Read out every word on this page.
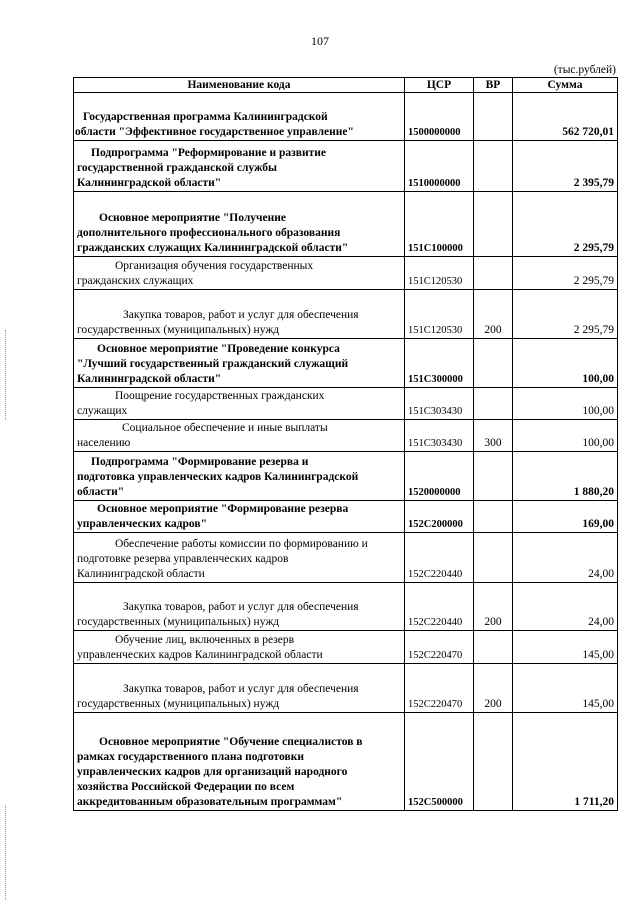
107
(тыс.рублей)
Наименование кода	ЦСР	ВР	Сумма

Государственная программа Калининградской
области "Эффективное государственное управление"	1500000000		562 720,01

Подпрограмма "Реформирование и развитие
государственной гражданской службы
Калининградской области"	1510000000		2 395,79

Основное мероприятие "Получение
дополнительного профессионального образования
гражданских служащих Калининградской области"	151С100000		2 295,79

Организация обучения государственных
гражданских служащих	151С120530		2 295,79

Закупка товаров, работ и услуг для обеспечения
государственных (муниципальных) нужд	151С120530	200	2 295,79

Основное мероприятие "Проведение конкурса
"Лучший государственный гражданский служащий
Калининградской области"	151С300000		100,00

Поощрение государственных гражданских
служащих	151С303430		100,00

Социальное обеспечение и иные выплаты
населению	151С303430	300	100,00

Подпрограмма "Формирование резерва и
подготовка управленческих кадров Калининградской
области"	1520000000		1 880,20

Основное мероприятие "Формирование резерва
управленческих кадров"	152С200000		169,00

Обеспечение работы комиссии по формированию и
подготовке резерва управленческих кадров
Калининградской области	152С220440		24,00

Закупка товаров, работ и услуг для обеспечения
государственных (муниципальных) нужд	152С220440	200	24,00

Обучение лиц, включенных в резерв
управленческих кадров Калининградской области	152С220470		145,00

Закупка товаров, работ и услуг для обеспечения
государственных (муниципальных) нужд	152С220470	200	145,00

Основное мероприятие "Обучение специалистов в
рамках государственного плана подготовки
управленческих кадров для организаций народного
хозяйства Российской Федерации по всем
аккредитованным образовательным программам"	152С500000		1 711,20
